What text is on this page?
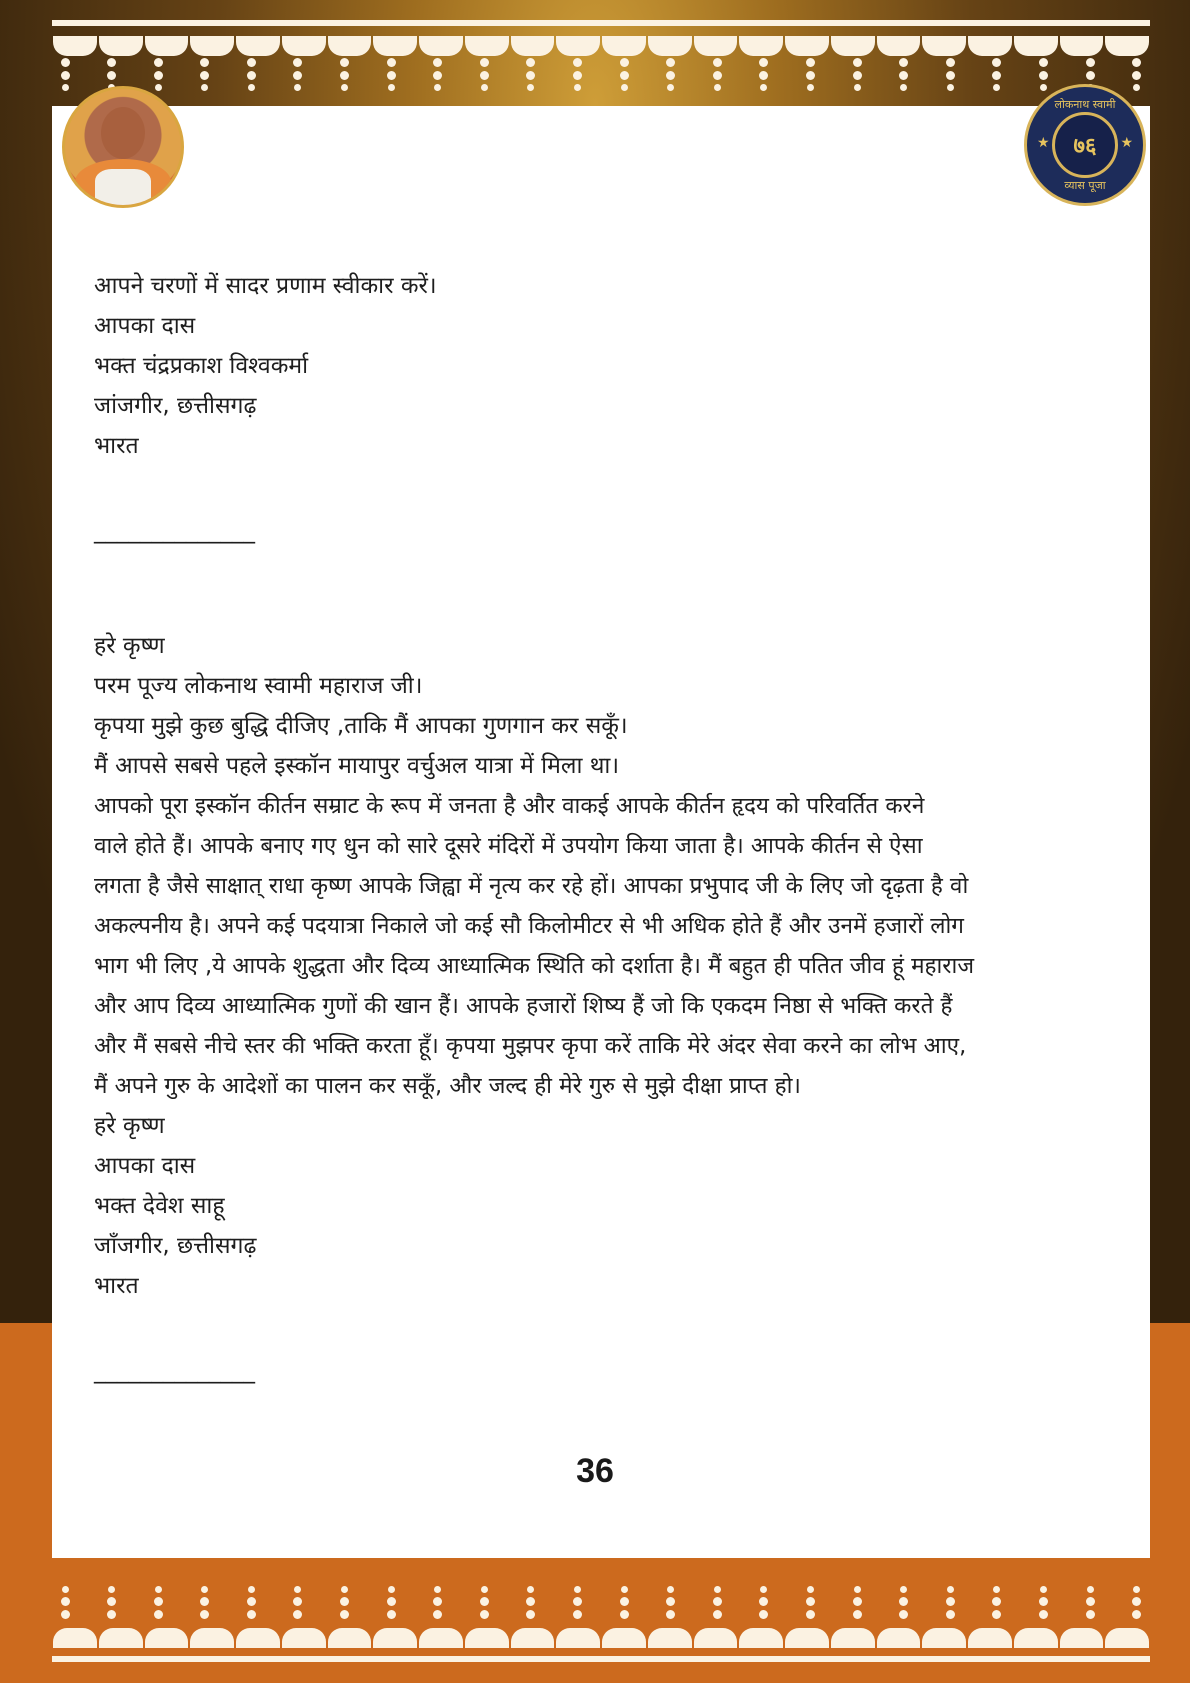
लोकनाथ स्वामी
★	★
७६
व्यास पूजा
आपने चरणों में सादर प्रणाम स्वीकार करें।
आपका दास
भक्त चंद्रप्रकाश विश्वकर्मा
जांजगीर, छत्तीसगढ़
भारत
______________
हरे कृष्ण
परम पूज्य लोकनाथ स्वामी महाराज जी।
कृपया मुझे कुछ बुद्धि दीजिए ,ताकि मैं आपका गुणगान कर सकूँ।
मैं आपसे सबसे पहले इस्कॉन मायापुर वर्चुअल यात्रा में मिला था।
आपको पूरा इस्कॉन कीर्तन सम्राट के रूप में जनता है और वाकई आपके कीर्तन हृदय को परिवर्तित करने
वाले होते हैं। आपके बनाए गए धुन को सारे दूसरे मंदिरों में उपयोग किया जाता है। आपके कीर्तन से ऐसा
लगता है जैसे साक्षात् राधा कृष्ण आपके जिह्वा में नृत्य कर रहे हों। आपका प्रभुपाद जी के लिए जो दृढ़ता है वो
अकल्पनीय है। अपने कई पदयात्रा निकाले जो कई सौ किलोमीटर से भी अधिक होते हैं और उनमें हजारों लोग
भाग भी लिए ,ये आपके शुद्धता और दिव्य आध्यात्मिक स्थिति को दर्शाता है। मैं बहुत ही पतित जीव हूं महाराज
और आप दिव्य आध्यात्मिक गुणों की खान हैं। आपके हजारों शिष्य हैं जो कि एकदम निष्ठा से भक्ति करते हैं
और मैं सबसे नीचे स्तर की भक्ति करता हूँ। कृपया मुझपर कृपा करें ताकि मेरे अंदर सेवा करने का लोभ आए,
मैं अपने गुरु के आदेशों का पालन कर सकूँ, और जल्द ही मेरे गुरु से मुझे दीक्षा प्राप्त हो।
हरे कृष्ण
आपका दास
भक्त देवेश साहू
जाँजगीर, छत्तीसगढ़
भारत
______________
36
